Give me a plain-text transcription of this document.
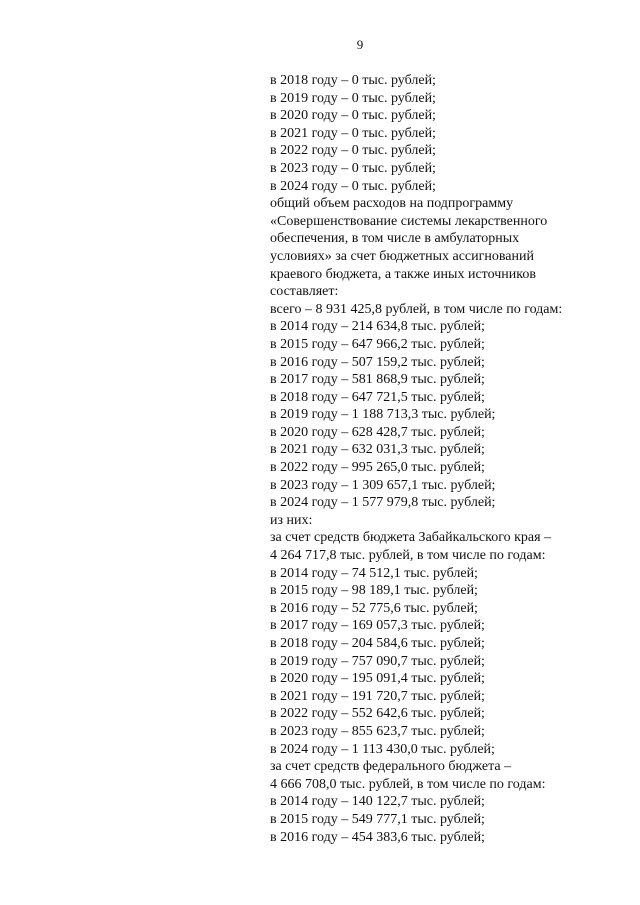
9
в 2018 году – 0 тыс. рублей;
в 2019 году – 0 тыс. рублей;
в 2020 году – 0 тыс. рублей;
в 2021 году – 0 тыс. рублей;
в 2022 году – 0 тыс. рублей;
в 2023 году – 0 тыс. рублей;
в 2024 году – 0 тыс. рублей;
общий объем расходов на подпрограмму
«Совершенствование системы лекарственного
обеспечения, в том числе в амбулаторных
условиях» за счет бюджетных ассигнований
краевого бюджета, а также иных источников
составляет:
всего – 8 931 425,8 рублей, в том числе по годам:
в 2014 году – 214 634,8 тыс. рублей;
в 2015 году – 647 966,2 тыс. рублей;
в 2016 году – 507 159,2 тыс. рублей;
в 2017 году – 581 868,9 тыс. рублей;
в 2018 году – 647 721,5 тыс. рублей;
в 2019 году – 1 188 713,3 тыс. рублей;
в 2020 году – 628 428,7 тыс. рублей;
в 2021 году – 632 031,3 тыс. рублей;
в 2022 году – 995 265,0 тыс. рублей;
в 2023 году – 1 309 657,1 тыс. рублей;
в 2024 году – 1 577 979,8 тыс. рублей;
из них:
за счет средств бюджета Забайкальского края –
4 264 717,8 тыс. рублей, в том числе по годам:
в 2014 году – 74 512,1 тыс. рублей;
в 2015 году – 98 189,1 тыс. рублей;
в 2016 году – 52 775,6 тыс. рублей;
в 2017 году – 169 057,3 тыс. рублей;
в 2018 году – 204 584,6 тыс. рублей;
в 2019 году – 757 090,7 тыс. рублей;
в 2020 году – 195 091,4 тыс. рублей;
в 2021 году – 191 720,7 тыс. рублей;
в 2022 году – 552 642,6 тыс. рублей;
в 2023 году – 855 623,7 тыс. рублей;
в 2024 году – 1 113 430,0 тыс. рублей;
за счет средств федерального бюджета –
4 666 708,0 тыс. рублей, в том числе по годам:
в 2014 году – 140 122,7 тыс. рублей;
в 2015 году – 549 777,1 тыс. рублей;
в 2016 году – 454 383,6 тыс. рублей;
